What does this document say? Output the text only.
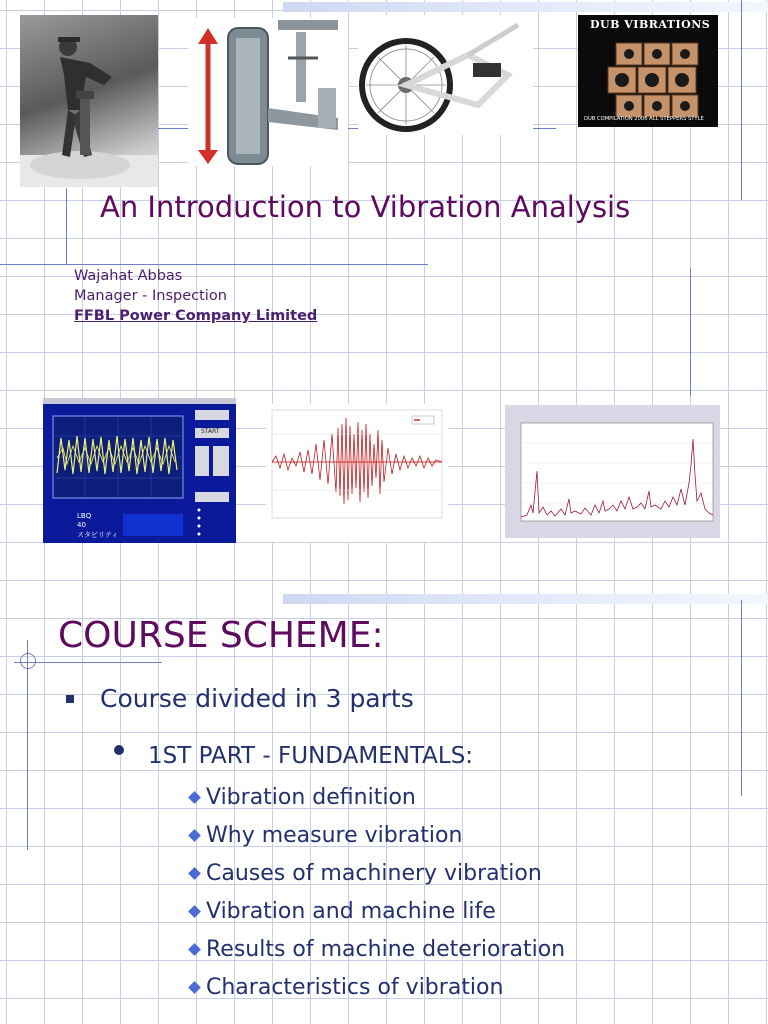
DUB VIBRATIONS
DUB COMPILATION 2006 ALL STEPPERS STYLE
An Introduction to Vibration Analysis
Wajahat Abbas
Manager - Inspection
FFBL Power Company Limited
START
LBQ
40
スタビリティ
COURSE SCHEME:
Course divided in 3 parts
1ST PART - FUNDAMENTALS:
Vibration definition
Why measure vibration
Causes of machinery vibration
Vibration and machine life
Results of machine deterioration
Characteristics of vibration
